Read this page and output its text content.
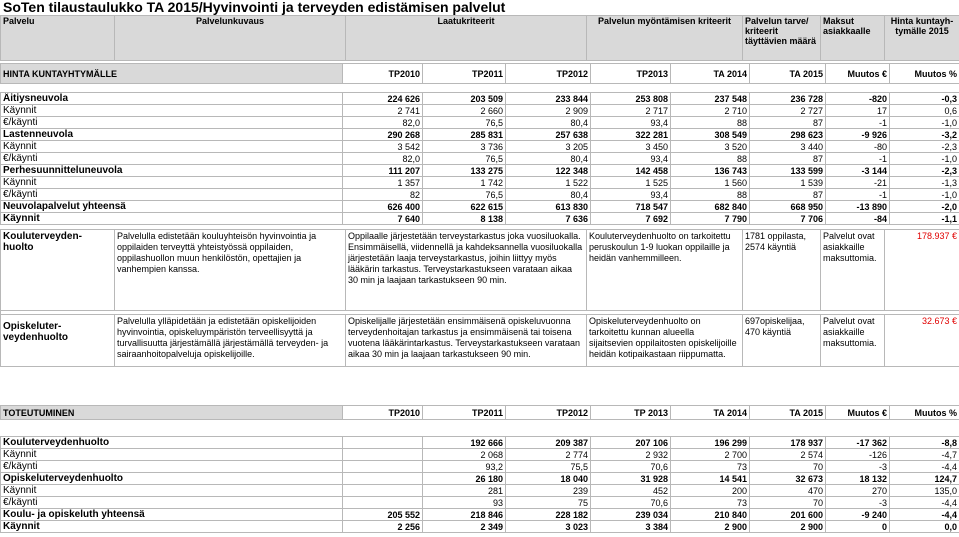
SoTen tilaustaulukko TA 2015/Hyvinvointi ja terveyden edistämisen palvelut
Palvelu	Palvelunkuvaus	Laatukriteerit	Palvelun myöntämisen kriteerit	Palvelun tarve/ kriteerit täyttävien määrä	Maksut asiakkaalle	Hinta kuntayh-tymälle 2015
HINTA KUNTAYHTYMÄLLE	TP2010	TP2011	TP2012	TP2013	TA 2014	TA 2015	Muutos €	Muutos %

Äitiysneuvola	224 626	203 509	233 844	253 808	237 548	236 728	-820	-0,3
Käynnit	2 741	2 660	2 909	2 717	2 710	2 727	17	0,6
€/käynti	82,0	76,5	80,4	93,4	88	87	-1	-1,0
Lastenneuvola	290 268	285 831	257 638	322 281	308 549	298 623	-9 926	-3,2
Käynnit	3 542	3 736	3 205	3 450	3 520	3 440	-80	-2,3
€/käynti	82,0	76,5	80,4	93,4	88	87	-1	-1,0
Perhesuunnitteluneuvola	111 207	133 275	122 348	142 458	136 743	133 599	-3 144	-2,3
Käynnit	1 357	1 742	1 522	1 525	1 560	1 539	-21	-1,3
€/käynti	82	76,5	80,4	93,4	88	87	-1	-1,0
Neuvolapalvelut yhteensä	626 400	622 615	613 830	718 547	682 840	668 950	-13 890	-2,0
Käynnit	7 640	8 138	7 636	7 692	7 790	7 706	-84	-1,1
Kouluterveyden-huolto	Palvelulla edistetään kouluyhteisön hyvinvointia ja oppilaiden terveyttä yhteistyössä oppilaiden, oppilashuollon muun henkilöstön, opettajien ja vanhempien kanssa.	Oppilaalle järjestetään terveystarkastus joka vuosiluokalla. Ensimmäisellä, viidennellä ja kahdeksannella vuosiluokalla järjestetään laaja terveystarkastus, joihin liittyy myös lääkärin tarkastus. Terveystarkastukseen varataan aikaa 30 min ja laajaan tarkastukseen 90 min.	Kouluterveydenhuolto on tarkoitettu peruskoulun 1-9 luokan oppilaille ja heidän vanhemmilleen.	1781 oppilasta, 2574 käyntiä	Palvelut ovat asiakkaille maksuttomia.	178.937 €

Opiskeluter-veydenhuolto	Palvelulla ylläpidetään ja edistetään opiskelijoiden hyvinvointia, opiskeluympäristön terveellisyyttä ja turvallisuutta järjestämällä järjestämällä terveyden- ja sairaanhoitopalveluja opiskelijoille.	Opiskelijalle järjestetään ensimmäisenä opiskeluvuonna terveydenhoitajan tarkastus ja ensimmäisenä tai toisena vuotena lääkärintarkastus. Terveystarkastukseen varataan aikaa 30 min ja laajaan tarkastukseen 90 min.	Opiskeluterveydenhuolto on tarkoitettu kunnan alueella sijaitsevien oppilaitosten opiskelijoille heidän kotipaikastaan riippumatta.	697opiskelijaa, 470 käyntiä	Palvelut ovat asiakkaille maksuttomia.	32.673 €
TOTEUTUMINEN	TP2010	TP2011	TP2012	TP 2013	TA 2014	TA 2015	Muutos €	Muutos %

Kouluterveydenhuolto		192 666	209 387	207 106	196 299	178 937	-17 362	-8,8
Käynnit		2 068	2 774	2 932	2 700	2 574	-126	-4,7
€/käynti		93,2	75,5	70,6	73	70	-3	-4,4
Opiskeluterveydenhuolto		26 180	18 040	31 928	14 541	32 673	18 132	124,7
Käynnit		281	239	452	200	470	270	135,0
€/käynti		93	75	70,6	73	70	-3	-4,4
Koulu- ja opiskeluth yhteensä	205 552	218 846	228 182	239 034	210 840	201 600	-9 240	-4,4
Käynnit	2 256	2 349	3 023	3 384	2 900	2 900	0	0,0
